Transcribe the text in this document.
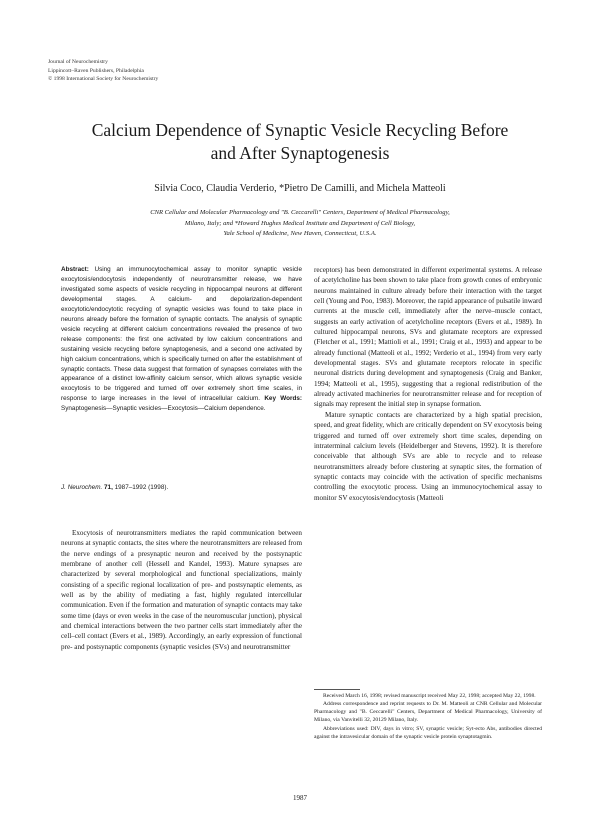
Journal of Neurochemistry
Lippincott–Raven Publishers, Philadelphia
© 1998 International Society for Neurochemistry
Calcium Dependence of Synaptic Vesicle Recycling Before
and After Synaptogenesis
Silvia Coco, Claudia Verderio, *Pietro De Camilli, and Michela Matteoli
CNR Cellular and Molecular Pharmacology and "B. Ceccarelli" Centers, Department of Medical Pharmacology,
Milano, Italy; and *Howard Hughes Medical Institute and Department of Cell Biology,
Yale School of Medicine, New Haven, Connecticut, U.S.A.

Abstract: Using an immunocytochemical assay to monitor synaptic vesicle exocytosis/endocytosis independently of neurotransmitter release, we have investigated some aspects of vesicle recycling in hippocampal neurons at different developmental stages. A calcium- and depolarization-dependent exocytotic/endocytotic recycling of synaptic vesicles was found to take place in neurons already before the formation of synaptic contacts. The analysis of synaptic vesicle recycling at different calcium concentrations revealed the presence of two release components: the first one activated by low calcium concentrations and sustaining vesicle recycling before synaptogenesis, and a second one activated by high calcium concentrations, which is specifically turned on after the establishment of synaptic contacts. These data suggest that formation of synapses correlates with the appearance of a distinct low-affinity calcium sensor, which allows synaptic vesicle exocytosis to be triggered and turned off over extremely short time scales, in response to large increases in the level of intracellular calcium. Key Words: Synaptogenesis—Synaptic vesicles—Exocytosis—Calcium dependence.

J. Neurochem. 71, 1987–1992 (1998).

Exocytosis of neurotransmitters mediates the rapid communication between neurons at synaptic contacts, the sites where the neurotransmitters are released from the nerve endings of a presynaptic neuron and received by the postsynaptic membrane of another cell (Hessell and Kandel, 1993). Mature synapses are characterized by several morphological and functional specializations, mainly consisting of a specific regional localization of pre- and postsynaptic elements, as well as by the ability of mediating a fast, highly regulated intercellular communication. Even if the formation and maturation of synaptic contacts may take some time (days or even weeks in the case of the neuromuscular junction), physical and chemical interactions between the two partner cells start immediately after the cell–cell contact (Evers et al., 1989). Accordingly, an early expression of functional pre- and postsynaptic components (synaptic vesicles (SVs) and neurotransmitter

receptors) has been demonstrated in different experimental systems. A release of acetylcholine has been shown to take place from growth cones of embryonic neurons maintained in culture already before their interaction with the target cell (Young and Poo, 1983). Moreover, the rapid appearance of pulsatile inward currents at the muscle cell, immediately after the nerve–muscle contact, suggests an early activation of acetylcholine receptors (Evers et al., 1989). In cultured hippocampal neurons, SVs and glutamate receptors are expressed (Fletcher et al., 1991; Mattioli et al., 1991; Craig et al., 1993) and appear to be already functional (Matteoli et al., 1992; Verderio et al., 1994) from very early developmental stages. SVs and glutamate receptors relocate in specific neuronal districts during development and synaptogenesis (Craig and Banker, 1994; Matteoli et al., 1995), suggesting that a regional redistribution of the already activated machineries for neurotransmitter release and for reception of signals may represent the initial step in synapse formation.

Mature synaptic contacts are characterized by a high spatial precision, speed, and great fidelity, which are critically dependent on SV exocytosis being triggered and turned off over extremely short time scales, depending on intraterminal calcium levels (Heidelberger and Stevens, 1992). It is therefore conceivable that although SVs are able to recycle and to release neurotransmitters already before clustering at synaptic sites, the formation of synaptic contacts may coincide with the activation of specific mechanisms controlling the exocytotic process. Using an immunocytochemical assay to monitor SV exocytosis/endocytosis (Matteoli

Received March 16, 1998; revised manuscript received May 22, 1998; accepted May 22, 1998.

Address correspondence and reprint requests to Dr. M. Matteoli at CNR Cellular and Molecular Pharmacology and "B. Ceccarelli" Centers, Department of Medical Pharmacology, University of Milano, via Vanvitelli 32, 20129 Milano, Italy.

Abbreviations used: DIV, days in vitro; SV, synaptic vesicle; Syt-ecto Abs, antibodies directed against the intravesicular domain of the synaptic vesicle protein synaptotagmin.

1987
